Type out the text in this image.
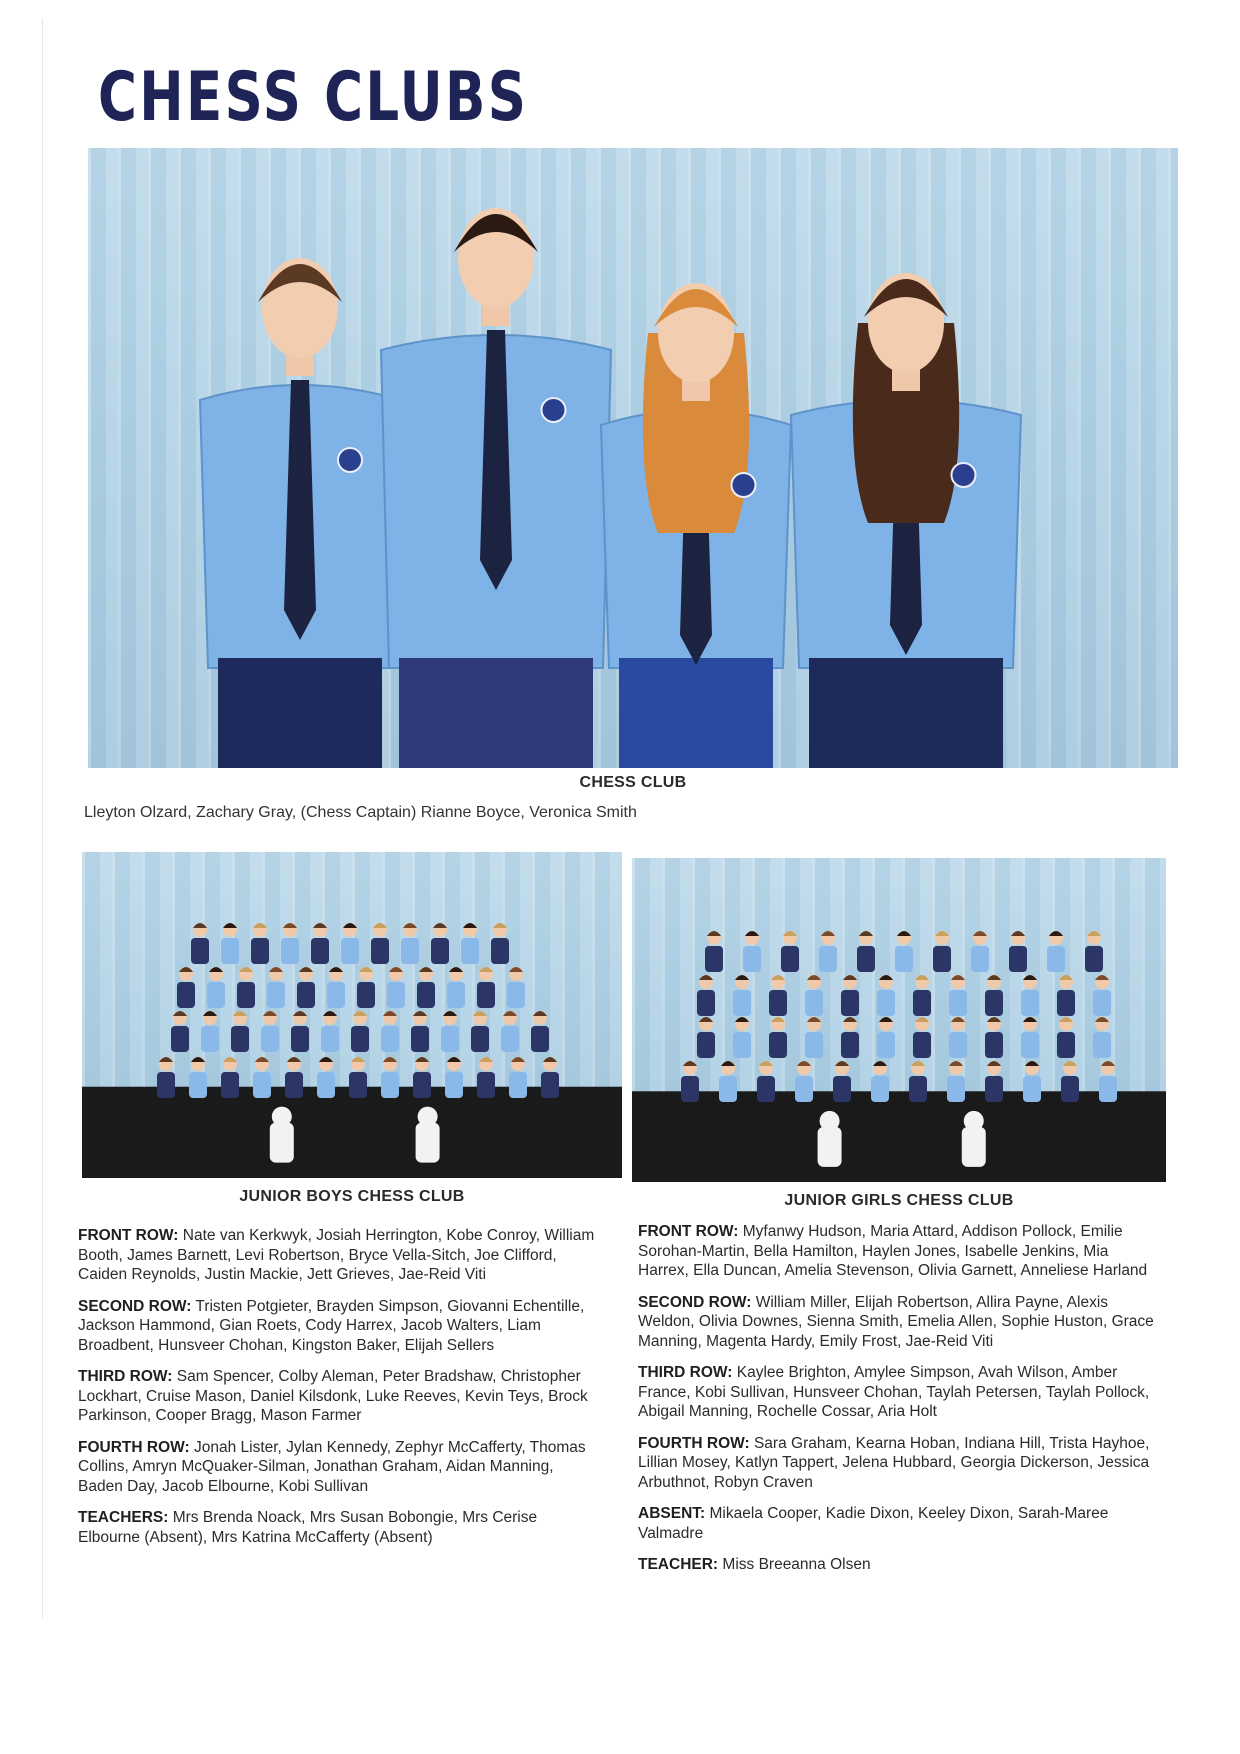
CHESS CLUBS
CHESS CLUB
Lleyton Olzard, Zachary Gray, (Chess Captain) Rianne Boyce, Veronica Smith
JUNIOR BOYS CHESS CLUB	JUNIOR GIRLS CHESS CLUB

FRONT ROW: Nate van Kerkwyk, Josiah Herrington, Kobe Conroy, William Booth, James Barnett, Levi Robertson, Bryce Vella-Sitch, Joe Clifford, Caiden Reynolds, Justin Mackie, Jett Grieves, Jae-Reid Viti

SECOND ROW: Tristen Potgieter, Brayden Simpson, Giovanni Echentille, Jackson Hammond, Gian Roets, Cody Harrex, Jacob Walters, Liam Broadbent, Hunsveer Chohan, Kingston Baker, Elijah Sellers

THIRD ROW: Sam Spencer, Colby Aleman, Peter Bradshaw, Christopher Lockhart, Cruise Mason, Daniel Kilsdonk, Luke Reeves, Kevin Teys, Brock Parkinson, Cooper Bragg, Mason Farmer

FOURTH ROW: Jonah Lister, Jylan Kennedy, Zephyr McCafferty, Thomas Collins, Amryn McQuaker-Silman, Jonathan Graham, Aidan Manning, Baden Day, Jacob Elbourne, Kobi Sullivan

TEACHERS: Mrs Brenda Noack, Mrs Susan Bobongie, Mrs Cerise Elbourne (Absent), Mrs Katrina McCafferty (Absent)

FRONT ROW: Myfanwy Hudson, Maria Attard, Addison Pollock, Emilie Sorohan-Martin, Bella Hamilton, Haylen Jones, Isabelle Jenkins, Mia Harrex, Ella Duncan, Amelia Stevenson, Olivia Garnett, Anneliese Harland

SECOND ROW: William Miller, Elijah Robertson, Allira Payne, Alexis Weldon, Olivia Downes, Sienna Smith, Emelia Allen, Sophie Huston, Grace Manning, Magenta Hardy, Emily Frost, Jae-Reid Viti

THIRD ROW: Kaylee Brighton, Amylee Simpson, Avah Wilson, Amber France, Kobi Sullivan, Hunsveer Chohan, Taylah Petersen, Taylah Pollock, Abigail Manning, Rochelle Cossar, Aria Holt

FOURTH ROW: Sara Graham, Kearna Hoban, Indiana Hill, Trista Hayhoe, Lillian Mosey, Katlyn Tappert, Jelena Hubbard, Georgia Dickerson, Jessica Arbuthnot, Robyn Craven

ABSENT: Mikaela Cooper, Kadie Dixon, Keeley Dixon, Sarah-Maree Valmadre

TEACHER: Miss Breeanna Olsen
